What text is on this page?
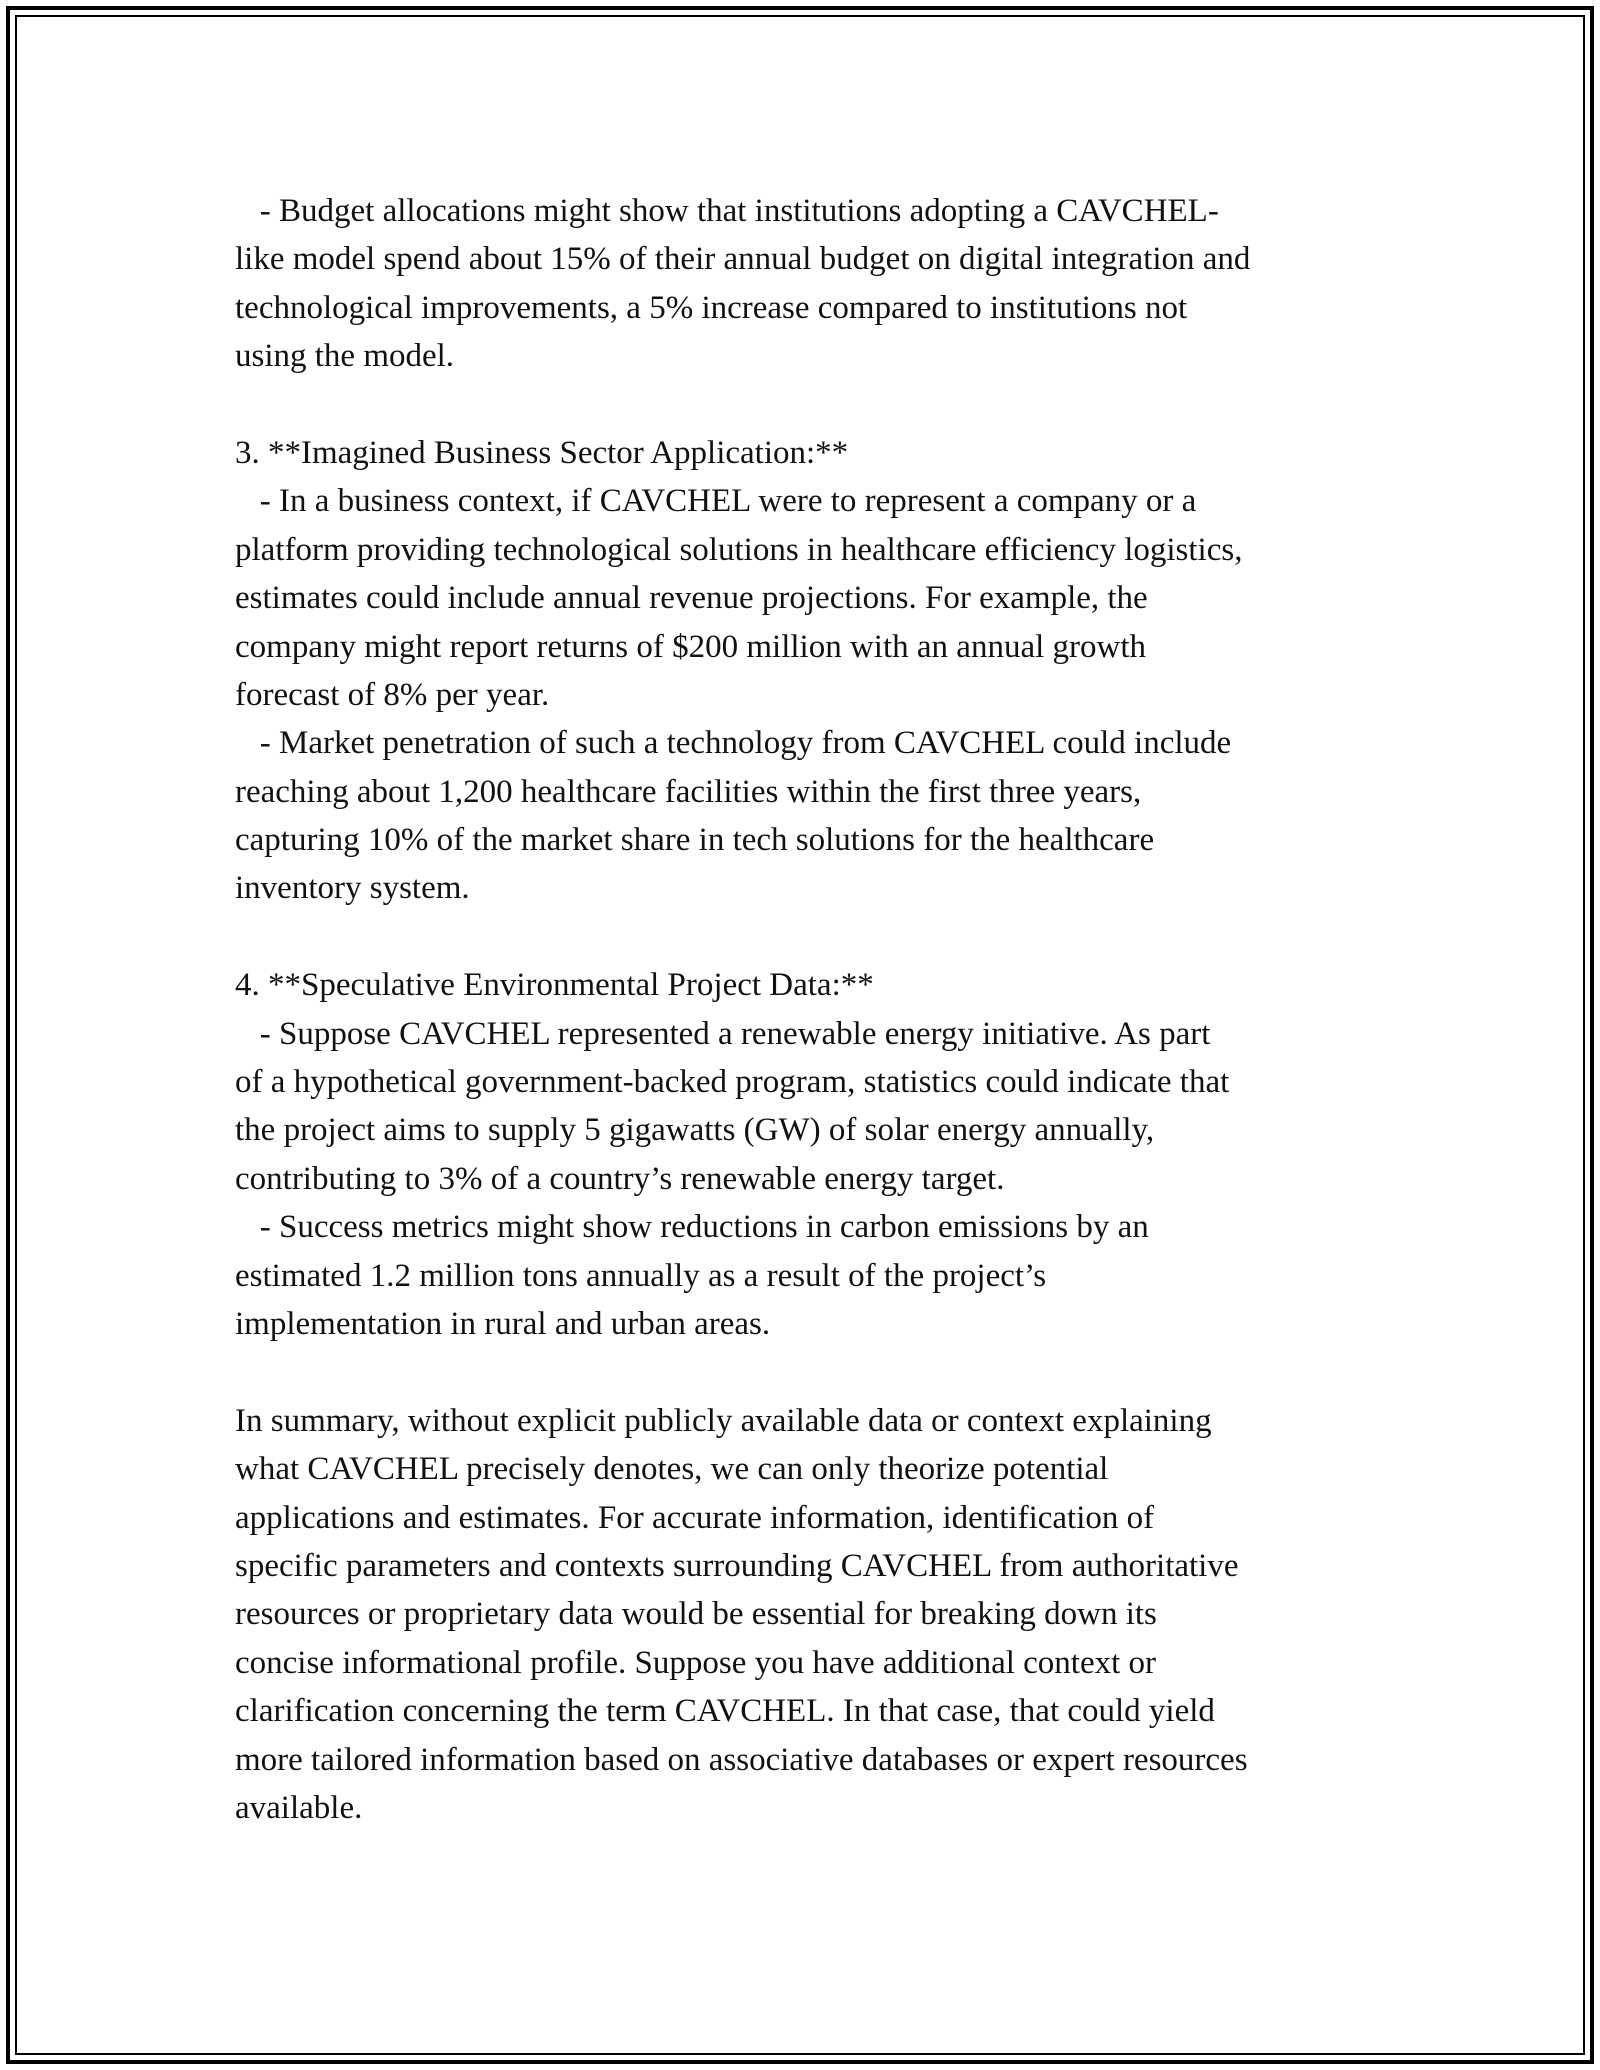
- Budget allocations might show that institutions adopting a CAVCHEL-
like model spend about 15% of their annual budget on digital integration and
technological improvements, a 5% increase compared to institutions not
using the model.
3. **Imagined Business Sector Application:**
- In a business context, if CAVCHEL were to represent a company or a
platform providing technological solutions in healthcare efficiency logistics,
estimates could include annual revenue projections. For example, the
company might report returns of $200 million with an annual growth
forecast of 8% per year.
- Market penetration of such a technology from CAVCHEL could include
reaching about 1,200 healthcare facilities within the first three years,
capturing 10% of the market share in tech solutions for the healthcare
inventory system.
4. **Speculative Environmental Project Data:**
- Suppose CAVCHEL represented a renewable energy initiative. As part
of a hypothetical government-backed program, statistics could indicate that
the project aims to supply 5 gigawatts (GW) of solar energy annually,
contributing to 3% of a country’s renewable energy target.
- Success metrics might show reductions in carbon emissions by an
estimated 1.2 million tons annually as a result of the project’s
implementation in rural and urban areas.
In summary, without explicit publicly available data or context explaining
what CAVCHEL precisely denotes, we can only theorize potential
applications and estimates. For accurate information, identification of
specific parameters and contexts surrounding CAVCHEL from authoritative
resources or proprietary data would be essential for breaking down its
concise informational profile. Suppose you have additional context or
clarification concerning the term CAVCHEL. In that case, that could yield
more tailored information based on associative databases or expert resources
available.
